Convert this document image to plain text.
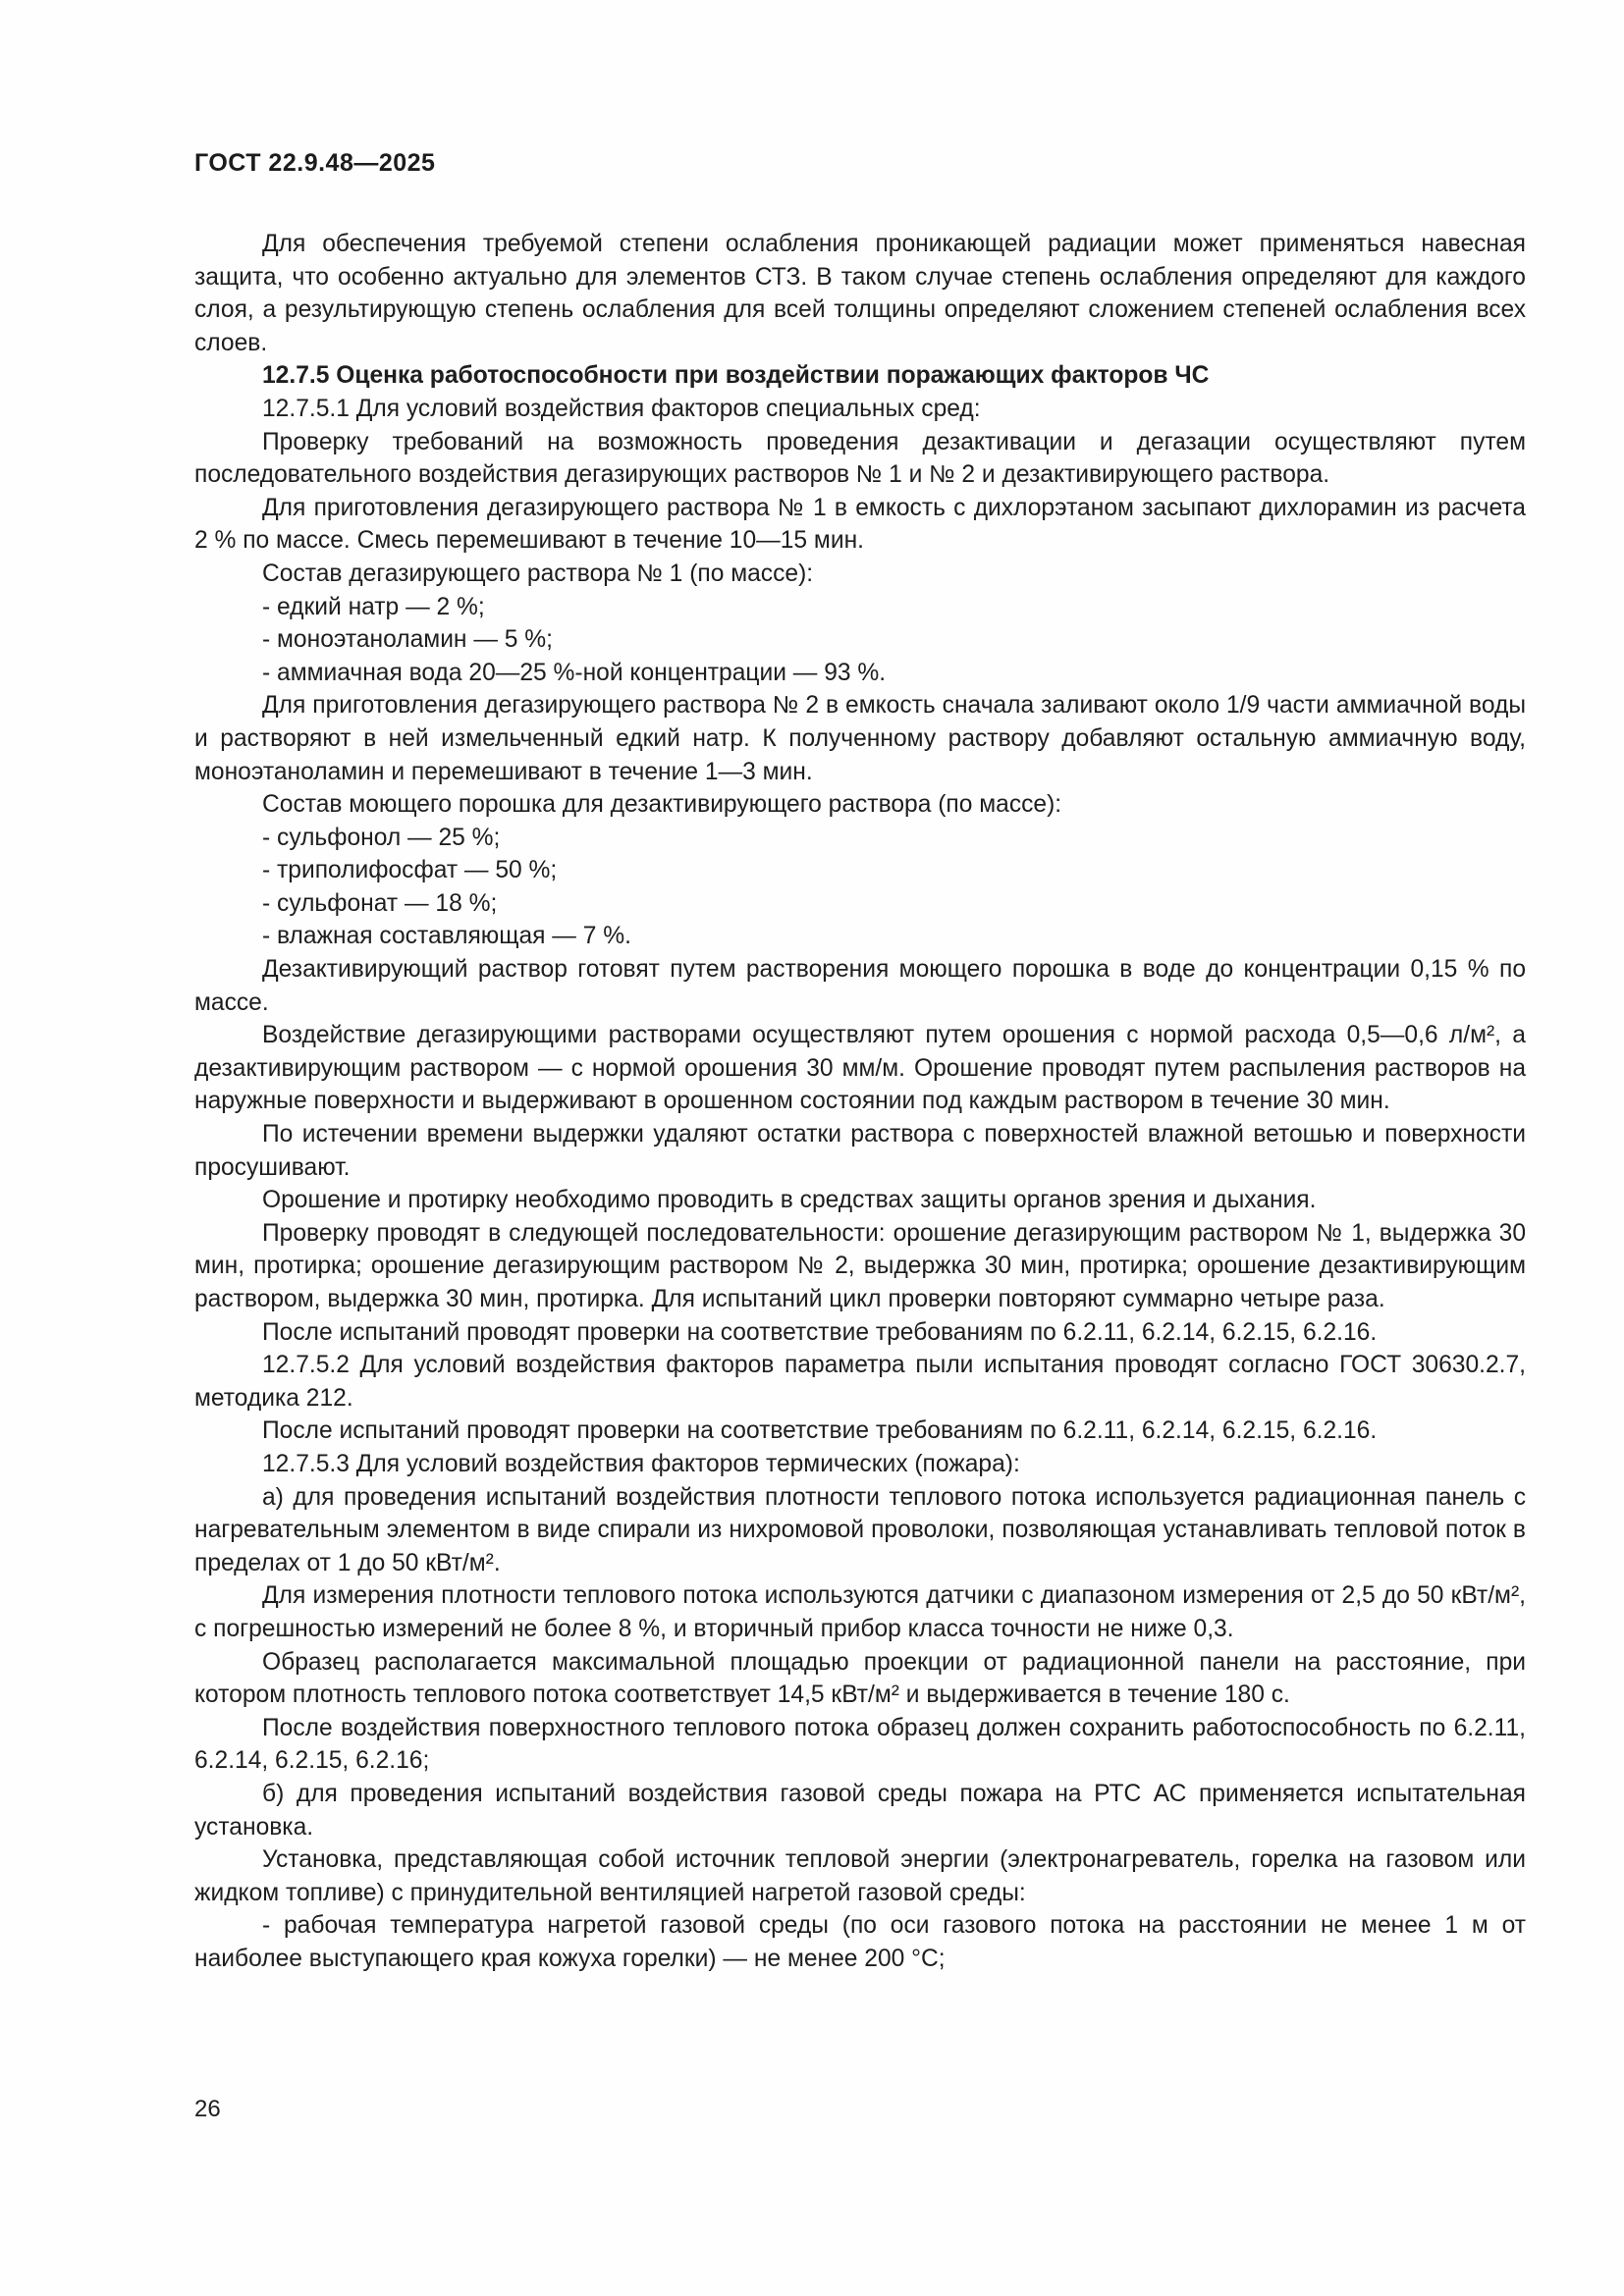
ГОСТ 22.9.48—2025

Для обеспечения требуемой степени ослабления проникающей радиации может применяться навесная защита, что особенно актуально для элементов СТЗ. В таком случае степень ослабления определяют для каждого слоя, а результирующую степень ослабления для всей толщины определяют сложением степеней ослабления всех слоев.

12.7.5 Оценка работоспособности при воздействии поражающих факторов ЧС

12.7.5.1 Для условий воздействия факторов специальных сред:

Проверку требований на возможность проведения дезактивации и дегазации осуществляют путем последовательного воздействия дегазирующих растворов № 1 и № 2 и дезактивирующего раствора.

Для приготовления дегазирующего раствора № 1 в емкость с дихлорэтаном засыпают дихлорамин из расчета 2 % по массе. Смесь перемешивают в течение 10—15 мин.

Состав дегазирующего раствора № 1 (по массе):

- едкий натр — 2 %;

- моноэтаноламин — 5 %;

- аммиачная вода 20—25 %-ной концентрации — 93 %.

Для приготовления дегазирующего раствора № 2 в емкость сначала заливают около 1/9 части аммиачной воды и растворяют в ней измельченный едкий натр. К полученному раствору добавляют остальную аммиачную воду, моноэтаноламин и перемешивают в течение 1—3 мин.

Состав моющего порошка для дезактивирующего раствора (по массе):

- сульфонол — 25 %;

- триполифосфат — 50 %;

- сульфонат — 18 %;

- влажная составляющая — 7 %.

Дезактивирующий раствор готовят путем растворения моющего порошка в воде до концентрации 0,15 % по массе.

Воздействие дегазирующими растворами осуществляют путем орошения с нормой расхода 0,5—0,6 л/м², а дезактивирующим раствором — с нормой орошения 30 мм/м. Орошение проводят путем распыления растворов на наружные поверхности и выдерживают в орошенном состоянии под каждым раствором в течение 30 мин.

По истечении времени выдержки удаляют остатки раствора с поверхностей влажной ветошью и поверхности просушивают.

Орошение и протирку необходимо проводить в средствах защиты органов зрения и дыхания.

Проверку проводят в следующей последовательности: орошение дегазирующим раствором № 1, выдержка 30 мин, протирка; орошение дегазирующим раствором № 2, выдержка 30 мин, протирка; орошение дезактивирующим раствором, выдержка 30 мин, протирка. Для испытаний цикл проверки повторяют суммарно четыре раза.

После испытаний проводят проверки на соответствие требованиям по 6.2.11, 6.2.14, 6.2.15, 6.2.16.

12.7.5.2 Для условий воздействия факторов параметра пыли испытания проводят согласно ГОСТ 30630.2.7, методика 212.

После испытаний проводят проверки на соответствие требованиям по 6.2.11, 6.2.14, 6.2.15, 6.2.16.

12.7.5.3 Для условий воздействия факторов термических (пожара):

а) для проведения испытаний воздействия плотности теплового потока используется радиационная панель с нагревательным элементом в виде спирали из нихромовой проволоки, позволяющая устанавливать тепловой поток в пределах от 1 до 50 кВт/м².

Для измерения плотности теплового потока используются датчики с диапазоном измерения от 2,5 до 50 кВт/м², с погрешностью измерений не более 8 %, и вторичный прибор класса точности не ниже 0,3.

Образец располагается максимальной площадью проекции от радиационной панели на расстояние, при котором плотность теплового потока соответствует 14,5 кВт/м² и выдерживается в течение 180 с.

После воздействия поверхностного теплового потока образец должен сохранить работоспособность по 6.2.11, 6.2.14, 6.2.15, 6.2.16;

б) для проведения испытаний воздействия газовой среды пожара на РТС АС применяется испытательная установка.

Установка, представляющая собой источник тепловой энергии (электронагреватель, горелка на газовом или жидком топливе) с принудительной вентиляцией нагретой газовой среды:

- рабочая температура нагретой газовой среды (по оси газового потока на расстоянии не менее 1 м от наиболее выступающего края кожуха горелки) — не менее 200 °С;

26
